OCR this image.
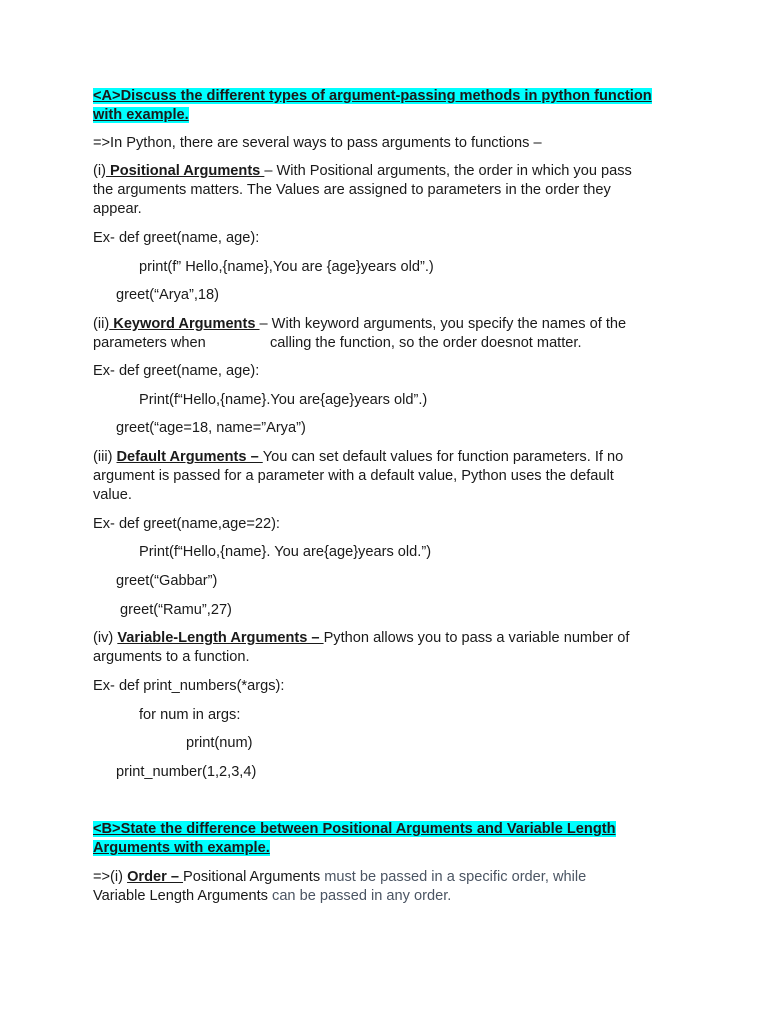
<A>Discuss the different types of argument-passing methods in python function
with example.
=>In Python, there are several ways to pass arguments to functions –
(i) Positional Arguments – With Positional arguments, the order in which you pass
the arguments matters. The Values are assigned to parameters in the order they
appear.
Ex- def greet(name, age):
print(f” Hello,{name},You are {age}years old”.)
greet(“Arya”,18)
(ii) Keyword Arguments – With keyword arguments, you specify the names of the
parameters when	calling the function, so the order doesnot matter.
Ex- def greet(name, age):
Print(f“Hello,{name}.You are{age}years old”.)
greet(“age=18, name=”Arya”)
(iii) Default Arguments – You can set default values for function parameters. If no
argument is passed for a parameter with a default value, Python uses the default
value.
Ex- def greet(name,age=22):
Print(f“Hello,{name}. You are{age}years old.”)
greet(“Gabbar”)
greet(“Ramu”,27)
(iv) Variable-Length Arguments – Python allows you to pass a variable number of
arguments to a function.
Ex- def print_numbers(*args):
for num in args:
print(num)
print_number(1,2,3,4)
<B>State the difference between Positional Arguments and Variable Length
Arguments with example.
=>(i) Order – Positional Arguments must be passed in a specific order, while
Variable Length Arguments can be passed in any order.
